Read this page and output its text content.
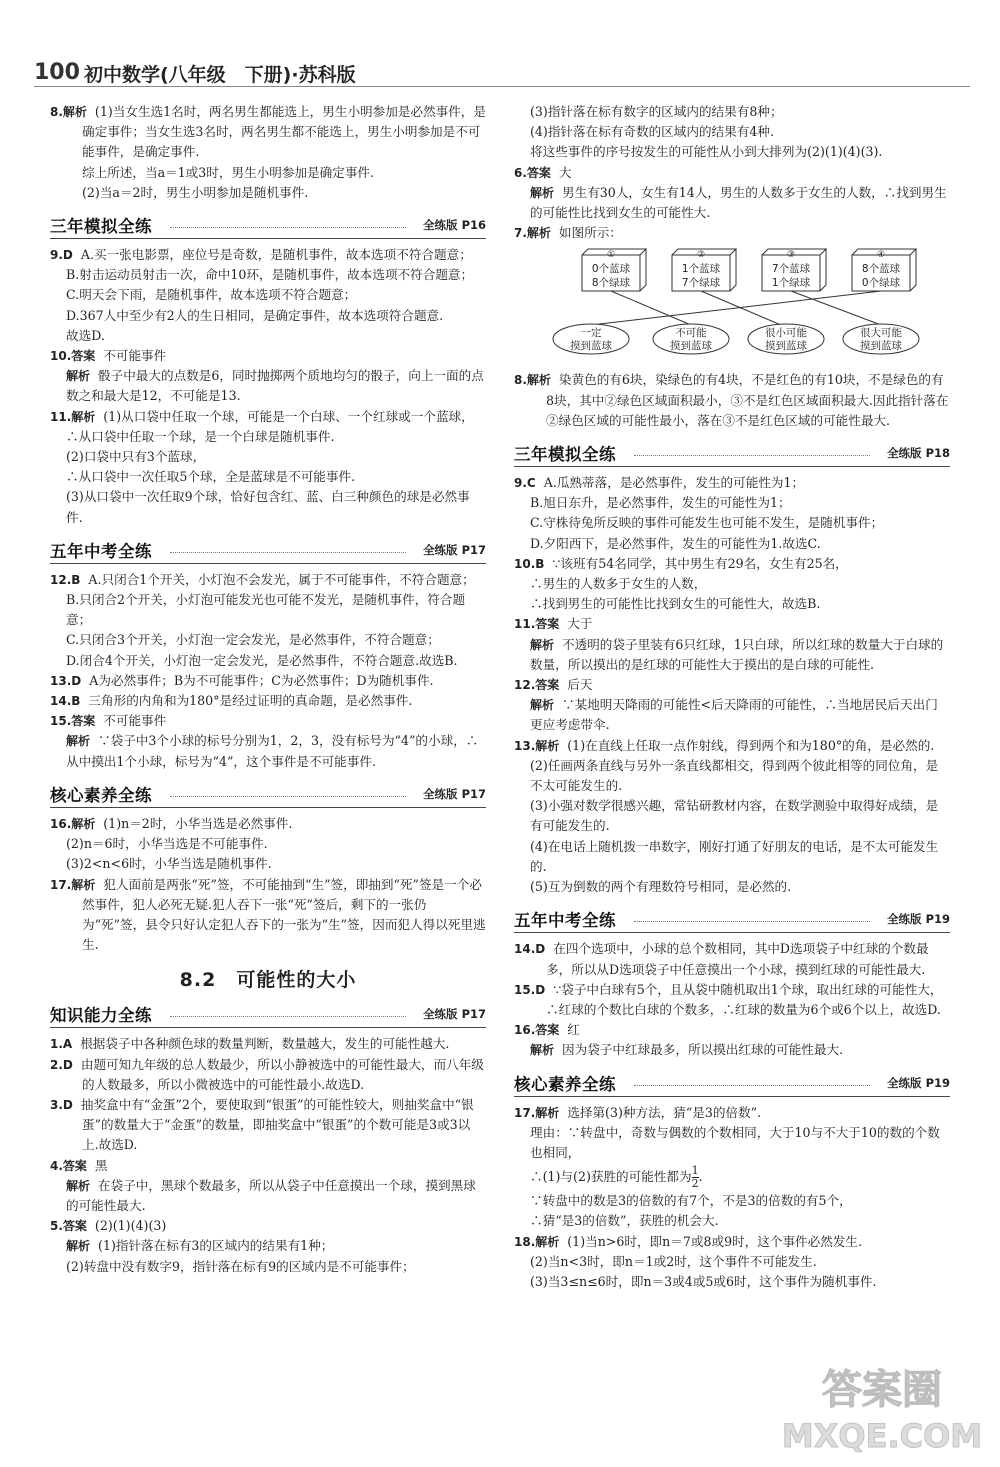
100 初中数学(八年级　下册)·苏科版

8.解析 (1)当女生选1名时，两名男生都能选上，男生小明参加是必然事件，是确定事件；当女生选3名时，两名男生都不能选上，男生小明参加是不可能事件，是确定事件.

综上所述，当a＝1或3时，男生小明参加是确定事件.

(2)当a＝2时，男生小明参加是随机事件.

三年模拟全练	全练版 P16

9.D A.买一张电影票，座位号是奇数，是随机事件，故本选项不符合题意；

B.射击运动员射击一次，命中10环，是随机事件，故本选项不符合题意；

C.明天会下雨，是随机事件，故本选项不符合题意；

D.367人中至少有2人的生日相同，是确定事件，故本选项符合题意.

故选D.

10.答案 不可能事件

解析 骰子中最大的点数是6，同时抛掷两个质地均匀的骰子，向上一面的点数之和最大是12，不可能是13.

11.解析 (1)从口袋中任取一个球，可能是一个白球、一个红球或一个蓝球，

∴从口袋中任取一个球，是一个白球是随机事件.

(2)口袋中只有3个蓝球，

∴从口袋中一次任取5个球，全是蓝球是不可能事件.

(3)从口袋中一次任取9个球，恰好包含红、蓝、白三种颜色的球是必然事件.

五年中考全练	全练版 P17

12.B A.只闭合1个开关，小灯泡不会发光，属于不可能事件，不符合题意；

B.只闭合2个开关，小灯泡可能发光也可能不发光，是随机事件，符合题意；

C.只闭合3个开关，小灯泡一定会发光，是必然事件，不符合题意；

D.闭合4个开关，小灯泡一定会发光，是必然事件，不符合题意.故选B.

13.D A为必然事件；B为不可能事件；C为必然事件；D为随机事件.

14.B 三角形的内角和为180°是经过证明的真命题，是必然事件.

15.答案 不可能事件

解析 ∵袋子中3个小球的标号分别为1，2，3，没有标号为“4”的小球，∴从中摸出1个小球，标号为“4”，这个事件是不可能事件.

核心素养全练	全练版 P17

16.解析 (1)n＝2时，小华当选是必然事件.

(2)n＝6时，小华当选是不可能事件.

(3)2<n<6时，小华当选是随机事件.

17.解析 犯人面前是两张“死”签，不可能抽到“生”签，即抽到“死”签是一个必然事件，犯人必死无疑.犯人吞下一张“死”签后，剩下的一张仍为“死”签，县令只好认定犯人吞下的一张为“生”签，因而犯人得以死里逃生.

8.2　可能性的大小
知识能力全练	全练版 P17

1.A 根据袋子中各种颜色球的数量判断，数量越大，发生的可能性越大.

2.D 由题可知九年级的总人数最少，所以小静被选中的可能性最大，而八年级的人数最多，所以小微被选中的可能性最小.故选D.

3.D 抽奖盒中有“金蛋”2个，要使取到“银蛋”的可能性较大，则抽奖盒中“银蛋”的数量大于“金蛋”的数量，即抽奖盒中“银蛋”的个数可能是3或3以上.故选D.

4.答案 黑

解析 在袋子中，黑球个数最多，所以从袋子中任意摸出一个球，摸到黑球的可能性最大.

5.答案 (2)(1)(4)(3)

解析 (1)指针落在标有3的区域内的结果有1种；

(2)转盘中没有数字9，指针落在标有9的区域内是不可能事件；

(3)指针落在标有数字的区域内的结果有8种；

(4)指针落在标有奇数的区域内的结果有4种.

将这些事件的序号按发生的可能性从小到大排列为(2)(1)(4)(3).

6.答案 大

解析 男生有30人，女生有14人，男生的人数多于女生的人数，∴找到男生的可能性比找到女生的可能性大.

7.解析 如图所示：

①
0个蓝球
8个绿球
②
1个蓝球
7个绿球
③
7个蓝球
1个绿球
④
8个蓝球
0个绿球
一定
摸到蓝球
不可能
摸到蓝球
很小可能
摸到蓝球
很大可能
摸到蓝球

8.解析 染黄色的有6块，染绿色的有4块，不是红色的有10块，不是绿色的有8块，其中②绿色区域面积最小，③不是红色区域面积最大.因此指针落在②绿色区域的可能性最小，落在③不是红色区域的可能性最大.

三年模拟全练	全练版 P18

9.C A.瓜熟蒂落，是必然事件，发生的可能性为1；

B.旭日东升，是必然事件，发生的可能性为1；

C.守株待兔所反映的事件可能发生也可能不发生，是随机事件；

D.夕阳西下，是必然事件，发生的可能性为1.故选C.

10.B ∵该班有54名同学，其中男生有29名，女生有25名，

∴男生的人数多于女生的人数，

∴找到男生的可能性比找到女生的可能性大，故选B.

11.答案 大于

解析 不透明的袋子里装有6只红球，1只白球，所以红球的数量大于白球的数量，所以摸出的是红球的可能性大于摸出的是白球的可能性.

12.答案 后天

解析 ∵某地明天降雨的可能性<后天降雨的可能性，∴当地居民后天出门更应考虑带伞.

13.解析 (1)在直线上任取一点作射线，得到两个和为180°的角，是必然的.

(2)任画两条直线与另外一条直线都相交，得到两个彼此相等的同位角，是不太可能发生的.

(3)小强对数学很感兴趣，常钻研教材内容，在数学测验中取得好成绩，是有可能发生的.

(4)在电话上随机拨一串数字，刚好打通了好朋友的电话，是不太可能发生的.

(5)互为倒数的两个有理数符号相同，是必然的.

五年中考全练	全练版 P19

14.D 在四个选项中，小球的总个数相同，其中D选项袋子中红球的个数最多，所以从D选项袋子中任意摸出一个小球，摸到红球的可能性最大.

15.D ∵袋子中白球有5个，且从袋中随机取出1个球，取出红球的可能性大，∴红球的个数比白球的个数多，∴红球的数量为6个或6个以上，故选D.

16.答案 红

解析 因为袋子中红球最多，所以摸出红球的可能性最大.

核心素养全练	全练版 P19

17.解析 选择第(3)种方法，猜“是3的倍数”.

理由：∵转盘中，奇数与偶数的个数相同，大于10与不大于10的数的个数也相同，

∴(1)与(2)获胜的可能性都为 $\frac{1}{2}$ .

∵转盘中的数是3的倍数的有7个，不是3的倍数的有5个，

∴猜“是3的倍数”，获胜的机会大.

18.解析 (1)当n>6时，即n＝7或8或9时，这个事件必然发生.

(2)当n<3时，即n＝1或2时，这个事件不可能发生.

(3)当3≤n≤6时，即n＝3或4或5或6时，这个事件为随机事件.

答案圈
MXQE.COM
